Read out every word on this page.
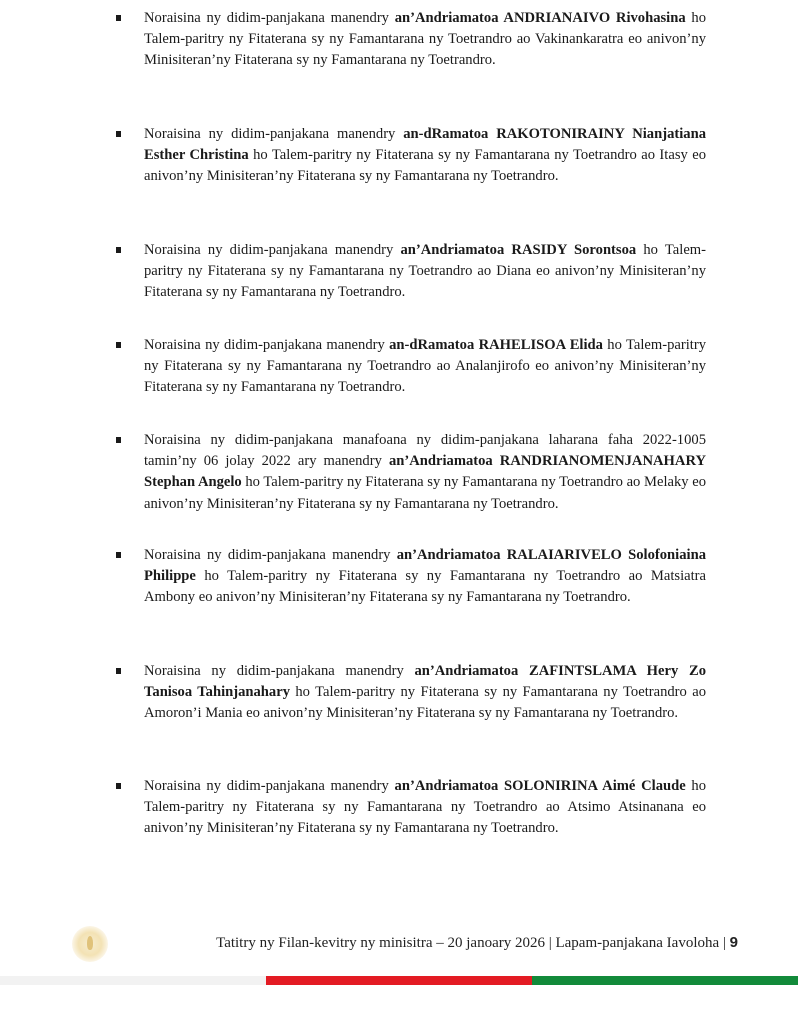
Noraisina ny didim-panjakana manendry an’Andriamatoa ANDRIANAIVO Rivohasina ho Talem-paritry ny Fitaterana sy ny Famantarana ny Toetrandro ao Vakinankaratra eo anivon’ny Minisiteran’ny Fitaterana sy ny Famantarana ny Toetrandro.

Noraisina ny didim-panjakana manendry an-dRamatoa RAKOTONIRAINY Nianjatiana Esther Christina ho Talem-paritry ny Fitaterana sy ny Famantarana ny Toetrandro ao Itasy eo anivon’ny Minisiteran’ny Fitaterana sy ny Famantarana ny Toetrandro.

Noraisina ny didim-panjakana manendry an’Andriamatoa RASIDY Sorontsoa ho Talem-paritry ny Fitaterana sy ny Famantarana ny Toetrandro ao Diana eo anivon’ny Minisiteran’ny Fitaterana sy ny Famantarana ny Toetrandro.

Noraisina ny didim-panjakana manendry an-dRamatoa RAHELISOA Elida ho Talem-paritry ny Fitaterana sy ny Famantarana ny Toetrandro ao Analanjirofo eo anivon’ny Minisiteran’ny Fitaterana sy ny Famantarana ny Toetrandro.

Noraisina ny didim-panjakana manafoana ny didim-panjakana laharana faha 2022-1005 tamin’ny 06 jolay 2022 ary manendry an’Andriamatoa RANDRIANOMENJANAHARY Stephan Angelo ho Talem-paritry ny Fitaterana sy ny Famantarana ny Toetrandro ao Melaky eo anivon’ny Minisiteran’ny Fitaterana sy ny Famantarana ny Toetrandro.

Noraisina ny didim-panjakana manendry an’Andriamatoa RALAIARIVELO Solofoniaina Philippe ho Talem-paritry ny Fitaterana sy ny Famantarana ny Toetrandro ao Matsiatra Ambony eo anivon’ny Minisiteran’ny Fitaterana sy ny Famantarana ny Toetrandro.

Noraisina ny didim-panjakana manendry an’Andriamatoa ZAFINTSLAMA Hery Zo Tanisoa Tahinjanahary ho Talem-paritry ny Fitaterana sy ny Famantarana ny Toetrandro ao Amoron’i Mania eo anivon’ny Minisiteran’ny Fitaterana sy ny Famantarana ny Toetrandro.

Noraisina ny didim-panjakana manendry an’Andriamatoa SOLONIRINA Aimé Claude ho Talem-paritry ny Fitaterana sy ny Famantarana ny Toetrandro ao Atsimo Atsinanana eo anivon’ny Minisiteran’ny Fitaterana sy ny Famantarana ny Toetrandro.

Tatitry ny Filan-kevitry ny minisitra – 20 janoary 2026 | Lapam-panjakana Iavoloha | 9
